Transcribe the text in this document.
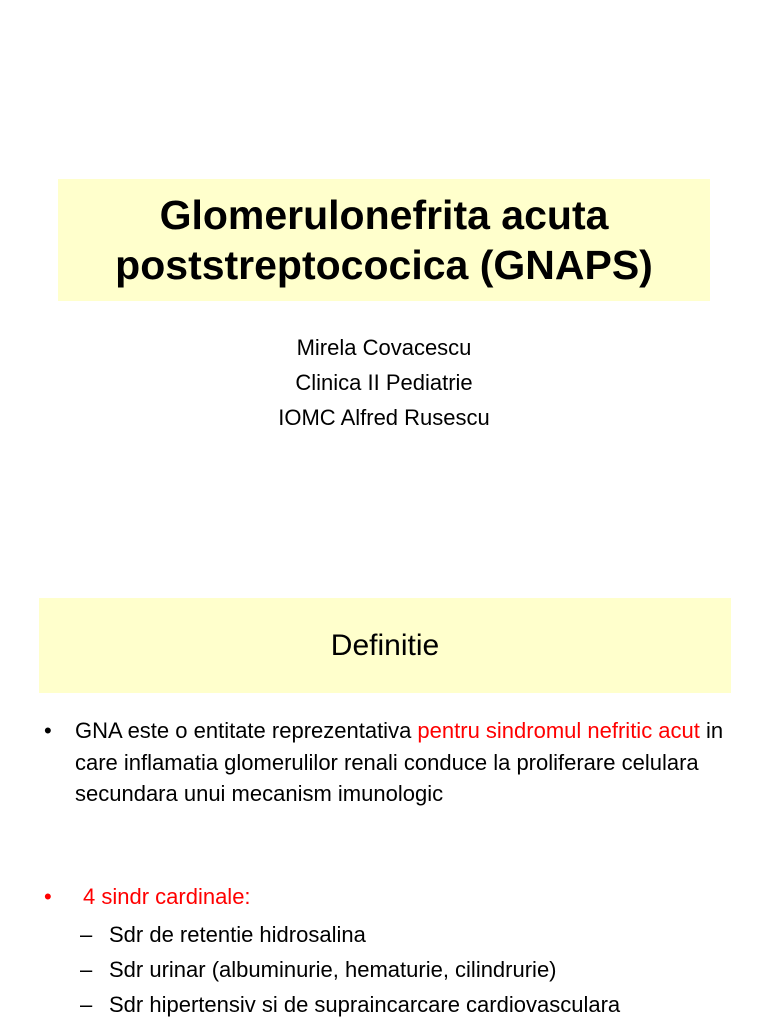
Glomerulonefrita acuta
poststreptococica (GNAPS)
Mirela Covacescu
Clinica II Pediatrie
IOMC Alfred Rusescu
Definitie
• GNA este o entitate reprezentativa pentru sindromul nefritic acut in care inflamatia glomerulilor renali conduce la proliferare celulara secundara unui mecanism imunologic
• 4 sindr cardinale:
– Sdr de retentie hidrosalina
– Sdr urinar (albuminurie, hematurie, cilindrurie)
– Sdr hipertensiv si de supraincarcare cardiovasculara
